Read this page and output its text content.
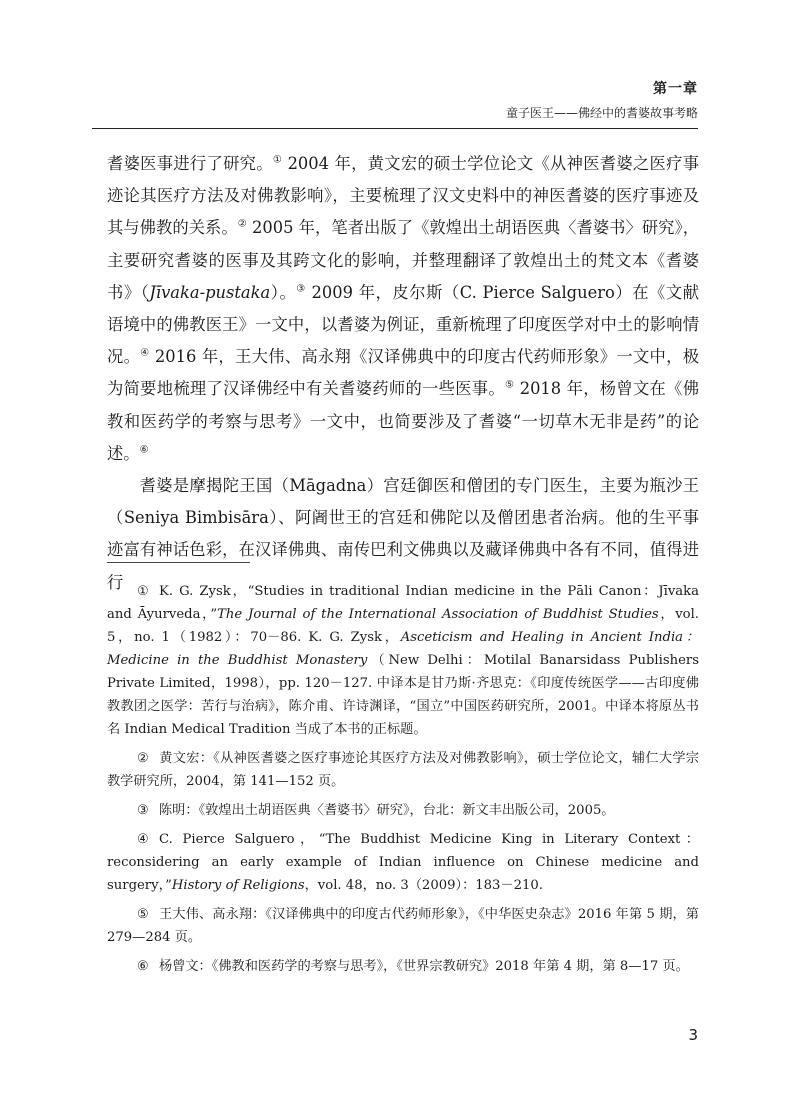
第一章
童子医王——佛经中的耆婆故事考略

耆婆医事进行了研究。① 2004 年，黄文宏的硕士学位论文《从神医耆婆之医疗事迹论其医疗方法及对佛教影响》，主要梳理了汉文史料中的神医耆婆的医疗事迹及其与佛教的关系。② 2005 年，笔者出版了《敦煌出土胡语医典〈耆婆书〉研究》，主要研究耆婆的医事及其跨文化的影响，并整理翻译了敦煌出土的梵文本《耆婆书》（Jīvaka-pustaka）。③ 2009 年，皮尔斯（C. Pierce Salguero）在《文献语境中的佛教医王》一文中，以耆婆为例证，重新梳理了印度医学对中土的影响情况。④ 2016 年，王大伟、高永翔《汉译佛典中的印度古代药师形象》一文中，极为简要地梳理了汉译佛经中有关耆婆药师的一些医事。⑤ 2018 年，杨曾文在《佛教和医药学的考察与思考》一文中，也简要涉及了耆婆“一切草木无非是药”的论述。⑥

耆婆是摩揭陀王国（Māgadna）宫廷御医和僧团的专门医生，主要为瓶沙王（Seniya Bimbisāra）、阿阇世王的宫廷和佛陀以及僧团患者治病。他的生平事迹富有神话色彩，在汉译佛典、南传巴利文佛典以及藏译佛典中各有不同，值得进行	① K. G. Zysk，“Studies in traditional Indian medicine in the Pāli Canon：Jīvaka and Āyurveda，”The Journal of the International Association of Buddhist Studies，vol. 5，no. 1（1982）：70－86. K. G. Zysk，Asceticism and Healing in Ancient India：Medicine in the Buddhist Monastery（New Delhi：Motilal Banarsidass Publishers Private Limited，1998），pp. 120－127. 中译本是甘乃斯·齐思克：《印度传统医学——古印度佛教教团之医学：苦行与治病》，陈介甫、许诗渊译，“国立”中国医药研究所，2001。中译本将原丛书名 Indian Medical Tradition 当成了本书的正标题。

② 黄文宏：《从神医耆婆之医疗事迹论其医疗方法及对佛教影响》，硕士学位论文，辅仁大学宗教学研究所，2004，第 141—152 页。

③ 陈明：《敦煌出土胡语医典〈耆婆书〉研究》，台北：新文丰出版公司，2005。

④ C. Pierce Salguero，“The Buddhist Medicine King in Literary Context：reconsidering an early example of Indian influence on Chinese medicine and surgery，”History of Religions，vol. 48，no. 3（2009）：183－210.

⑤ 王大伟、高永翔：《汉译佛典中的印度古代药师形象》，《中华医史杂志》2016 年第 5 期，第 279—284 页。

⑥ 杨曾文：《佛教和医药学的考察与思考》，《世界宗教研究》2018 年第 4 期，第 8—17 页。

3
